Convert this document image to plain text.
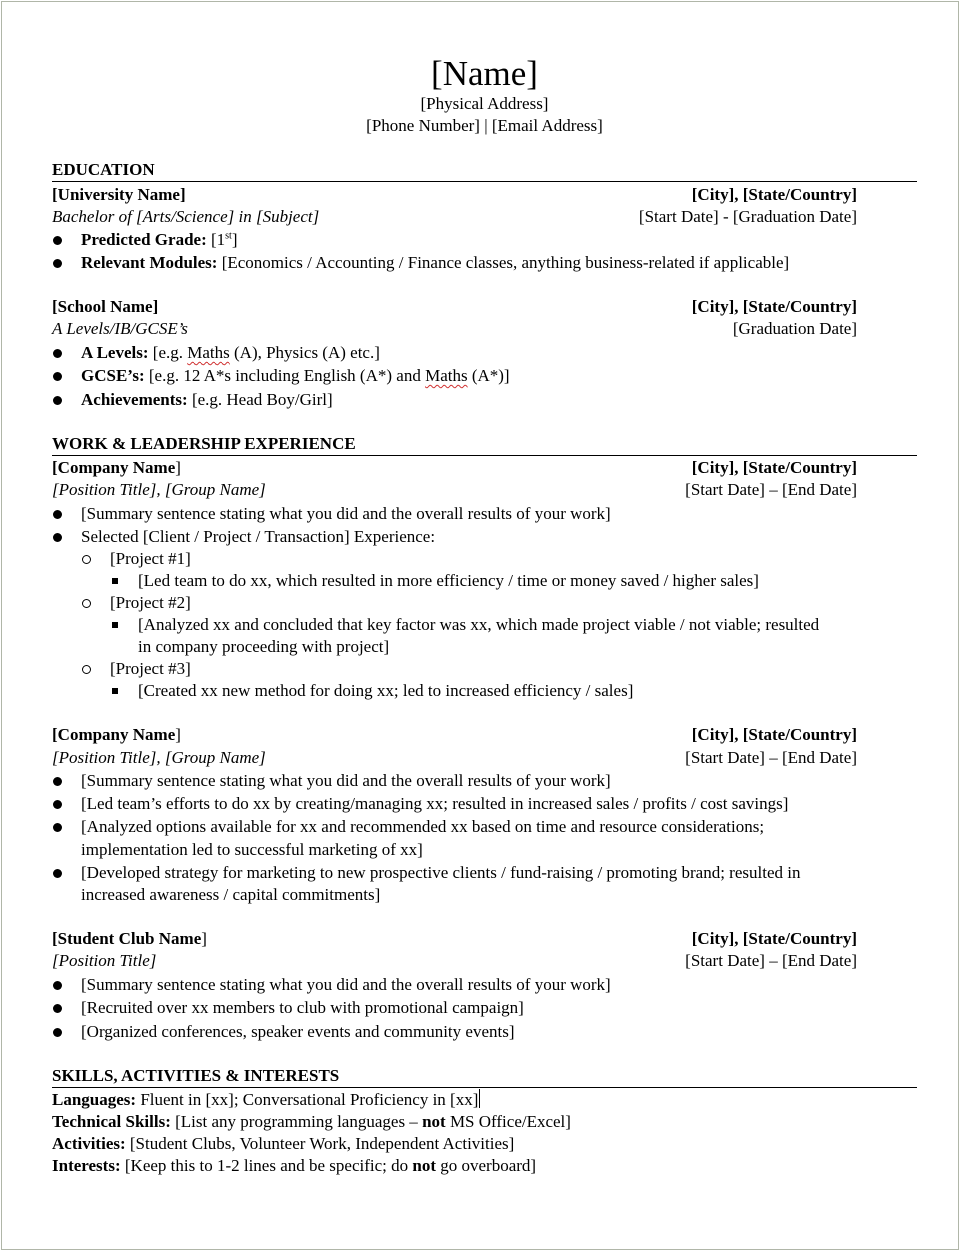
[Name]
[Physical Address]
[Phone Number] | [Email Address]
EDUCATION
[University Name]	[City], [State/Country]
Bachelor of [Arts/Science] in [Subject]	[Start Date] - [Graduation Date]
Predicted Grade: [1st]
Relevant Modules: [Economics / Accounting / Finance classes, anything business-related if applicable]
[School Name]	[City], [State/Country]
A Levels/IB/GCSE’s	[Graduation Date]
A Levels: [e.g. Maths (A), Physics (A) etc.]
GCSE’s: [e.g. 12 A*s including English (A*) and Maths (A*)]
Achievements: [e.g. Head Boy/Girl]
WORK & LEADERSHIP EXPERIENCE
[Company Name]	[City], [State/Country]
[Position Title], [Group Name]	[Start Date] – [End Date]
[Summary sentence stating what you did and the overall results of your work]
Selected [Client / Project / Transaction] Experience:
[Project #1]
[Led team to do xx, which resulted in more efficiency / time or money saved / higher sales]
[Project #2]
[Analyzed xx and concluded that key factor was xx, which made project viable / not viable; resulted
in company proceeding with project]
[Project #3]
[Created xx new method for doing xx; led to increased efficiency / sales]
[Company Name]	[City], [State/Country]
[Position Title], [Group Name]	[Start Date] – [End Date]
[Summary sentence stating what you did and the overall results of your work]
[Led team’s efforts to do xx by creating/managing xx; resulted in increased sales / profits / cost savings]
[Analyzed options available for xx and recommended xx based on time and resource considerations;
implementation led to successful marketing of xx]
[Developed strategy for marketing to new prospective clients / fund-raising / promoting brand; resulted in
increased awareness / capital commitments]
[Student Club Name]	[City], [State/Country]
[Position Title]	[Start Date] – [End Date]
[Summary sentence stating what you did and the overall results of your work]
[Recruited over xx members to club with promotional campaign]
[Organized conferences, speaker events and community events]
SKILLS, ACTIVITIES & INTERESTS
Languages: Fluent in [xx]; Conversational Proficiency in [xx]
Technical Skills: [List any programming languages – not MS Office/Excel]
Activities: [Student Clubs, Volunteer Work, Independent Activities]
Interests: [Keep this to 1-2 lines and be specific; do not go overboard]
